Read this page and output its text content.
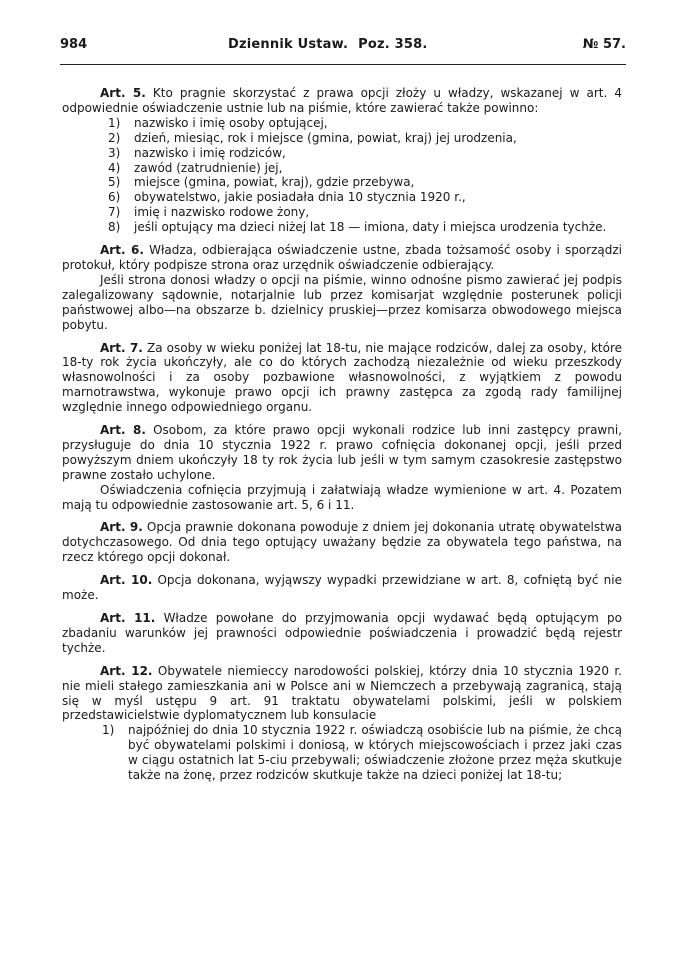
984	Dziennik Ustaw. Poz. 358.	№ 57.

Art. 5. Kto pragnie skorzystać z prawa opcji złoży u władzy, wskazanej w art. 4 odpowiednie oświadczenie ustnie lub na piśmie, które zawierać także powinno:

1) nazwisko i imię osoby optującej,
2) dzień, miesiąc, rok i miejsce (gmina, powiat, kraj) jej urodzenia,
3) nazwisko i imię rodziców,
4) zawód (zatrudnienie) jej,
5) miejsce (gmina, powiat, kraj), gdzie przebywa,
6) obywatelstwo, jakie posiadała dnia 10 stycznia 1920 r.,
7) imię i nazwisko rodowe żony,
8) jeśli optujący ma dzieci niżej lat 18 — imiona, daty i miejsca urodzenia tychże.

Art. 6. Władza, odbierająca oświadczenie ustne, zbada tożsamość osoby i sporządzi protokuł, który podpisze strona oraz urzędnik oświadczenie odbierający.

Jeśli strona donosi władzy o opcji na piśmie, winno odnośne pismo zawierać jej podpis zalegalizowany sądownie, notarjalnie lub przez komisarjat względnie posterunek policji państwowej albo—na obszarze b. dzielnicy pruskiej—przez komisarza obwodowego miejsca pobytu.

Art. 7. Za osoby w wieku poniżej lat 18-tu, nie mające rodziców, dalej za osoby, które 18-ty rok życia ukończyły, ale co do których zachodzą niezależnie od wieku przeszkody własnowolności i za osoby pozbawione własnowolności, z wyjątkiem z powodu marnotrawstwa, wykonuje prawo opcji ich prawny zastępca za zgodą rady familijnej względnie innego odpowiedniego organu.

Art. 8. Osobom, za które prawo opcji wykonali rodzice lub inni zastępcy prawni, przysługuje do dnia 10 stycznia 1922 r. prawo cofnięcia dokonanej opcji, jeśli przed powyższym dniem ukończyły 18 ty rok życia lub jeśli w tym samym czasokresie zastępstwo prawne zostało uchylone.

Oświadczenia cofnięcia przyjmują i załatwiają władze wymienione w art. 4. Pozatem mają tu odpowiednie zastosowanie art. 5, 6 i 11.

Art. 9. Opcja prawnie dokonana powoduje z dniem jej dokonania utratę obywatelstwa dotychczasowego. Od dnia tego optujący uważany będzie za obywatela tego państwa, na rzecz którego opcji dokonał.

Art. 10. Opcja dokonana, wyjąwszy wypadki przewidziane w art. 8, cofniętą być nie może.

Art. 11. Władze powołane do przyjmowania opcji wydawać będą optującym po zbadaniu warunków jej prawności odpowiednie poświadczenia i prowadzić będą rejestr tychże.

Art. 12. Obywatele niemieccy narodowości polskiej, którzy dnia 10 stycznia 1920 r. nie mieli stałego zamieszkania ani w Polsce ani w Niemczech a przebywają zagranicą, stają się w myśl ustępu 9 art. 91 traktatu obywatelami polskimi, jeśli w polskiem przedstawicielstwie dyplomatycznem lub konsulacie

1) najpóźniej do dnia 10 stycznia 1922 r. oświadczą osobiście lub na piśmie, że chcą być obywatelami polskimi i doniosą, w których miejscowościach i przez jaki czas w ciągu ostatnich lat 5-ciu przebywali; oświadczenie złożone przez męża skutkuje także na żonę, przez rodziców skutkuje także na dzieci poniżej lat 18-tu;
